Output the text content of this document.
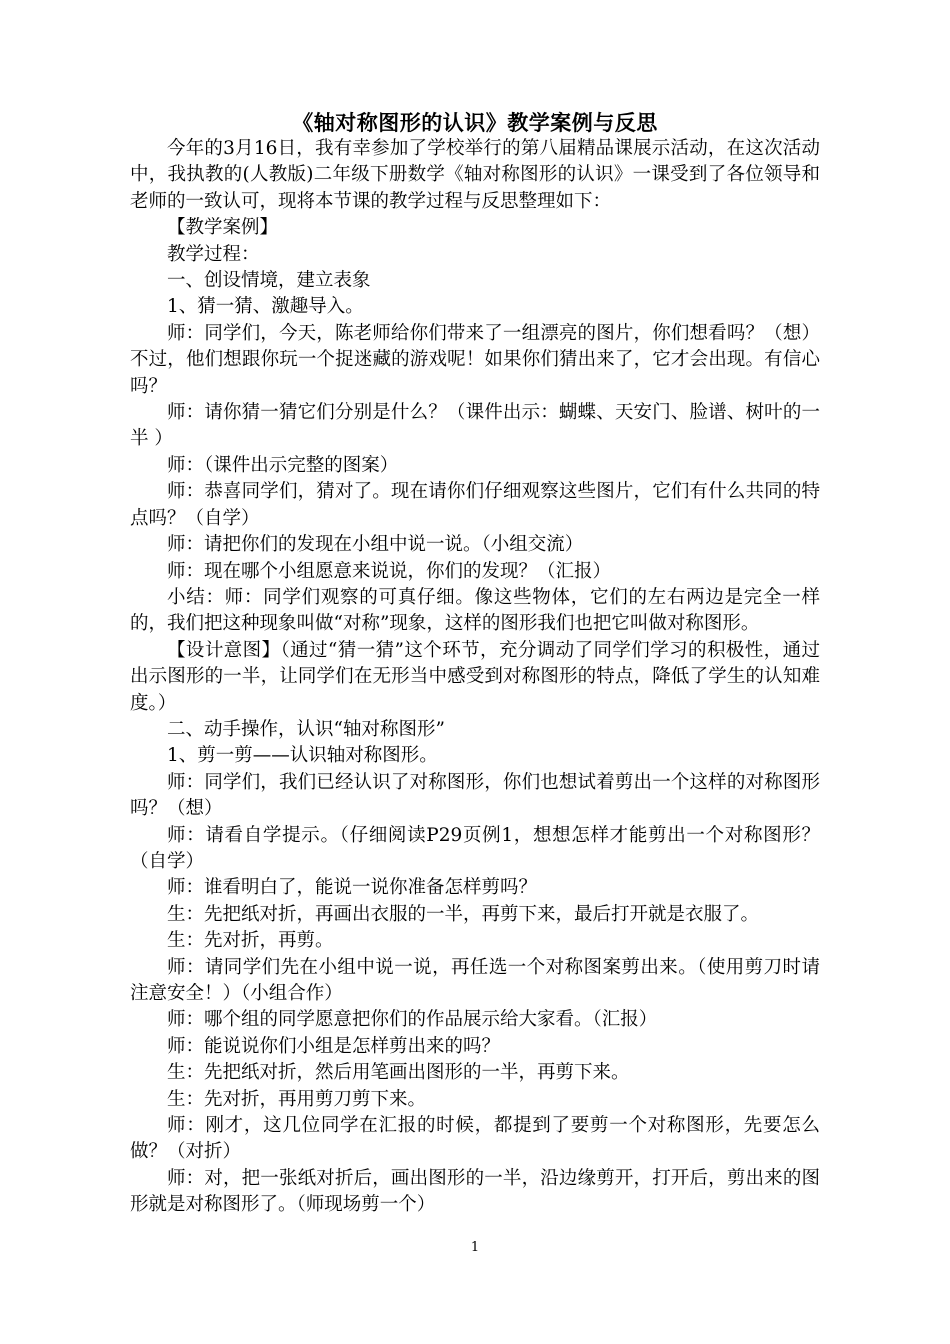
《轴对称图形的认识》教学案例与反思

今年的3月16日，我有幸参加了学校举行的第八届精品课展示活动，在这次活动中，我执教的(人教版)二年级下册数学《轴对称图形的认识》一课受到了各位领导和老师的一致认可，现将本节课的教学过程与反思整理如下：

【教学案例】

教学过程：

一、创设情境，建立表象

1、猜一猜、激趣导入。

师：同学们，今天，陈老师给你们带来了一组漂亮的图片，你们想看吗？（想）不过，他们想跟你玩一个捉迷藏的游戏呢！如果你们猜出来了，它才会出现。有信心吗？

师：请你猜一猜它们分别是什么？（课件出示：蝴蝶、天安门、脸谱、树叶的一半 ）

师：（课件出示完整的图案）

师：恭喜同学们，猜对了。现在请你们仔细观察这些图片，它们有什么共同的特点吗？（自学）

师：请把你们的发现在小组中说一说。（小组交流）

师：现在哪个小组愿意来说说，你们的发现？（汇报）

小结：师：同学们观察的可真仔细。像这些物体，它们的左右两边是完全一样的，我们把这种现象叫做“对称”现象，这样的图形我们也把它叫做对称图形。

【设计意图】（通过“猜一猜”这个环节，充分调动了同学们学习的积极性，通过出示图形的一半，让同学们在无形当中感受到对称图形的特点，降低了学生的认知难度。）

二、动手操作，认识“轴对称图形”

1、剪一剪——认识轴对称图形。

师：同学们，我们已经认识了对称图形，你们也想试着剪出一个这样的对称图形吗？（想）

师：请看自学提示。（仔细阅读P29页例1，想想怎样才能剪出一个对称图形？（自学）

师：谁看明白了，能说一说你准备怎样剪吗？

生：先把纸对折，再画出衣服的一半，再剪下来，最后打开就是衣服了。

生：先对折，再剪。

师：请同学们先在小组中说一说，再任选一个对称图案剪出来。（使用剪刀时请注意安全！）（小组合作）

师：哪个组的同学愿意把你们的作品展示给大家看。（汇报）

师：能说说你们小组是怎样剪出来的吗？

生：先把纸对折，然后用笔画出图形的一半，再剪下来。

生：先对折，再用剪刀剪下来。

师：刚才，这几位同学在汇报的时候，都提到了要剪一个对称图形，先要怎么做？（对折）

师：对，把一张纸对折后，画出图形的一半，沿边缘剪开，打开后，剪出来的图形就是对称图形了。（师现场剪一个）

1
